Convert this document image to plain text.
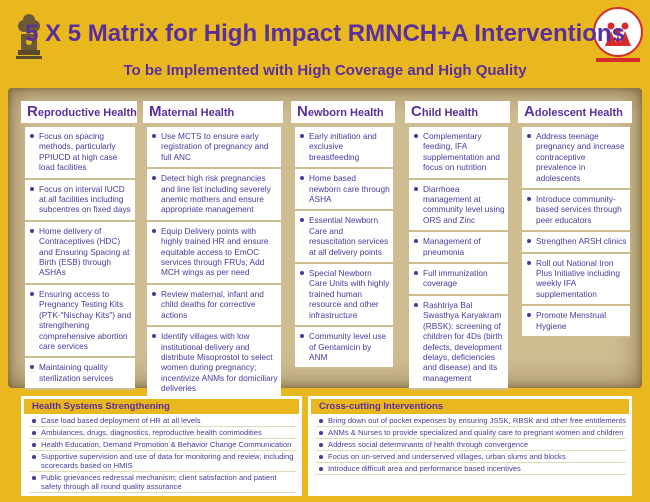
5 X 5 Matrix for High Impact RMNCH+A Interventions
To be Implemented with High Coverage and High Quality
Reproductive Health
Focus on spacing methods, particularly PPIUCD at high case load facilities
Focus on interval IUCD at all facilities including subcentres on fixed days
Home delivery of Contraceptives (HDC) and Ensuring Spacing at Birth (ESB) through ASHAs
Ensuring access to Pregnancy Testing Kits (PTK-"Nischay Kits") and strengthening comprehensive abortion care services
Maintaining quality sterilization services
Maternal Health
Use MCTS to ensure early registration of pregnancy and full ANC
Detect high risk pregnancies and line list including severely anemic mothers and ensure appropriate management
Equip Delivery points with highly trained HR and ensure equitable access to EmOC services through FRUs; Add MCH wings as per need
Review maternal, infant and child deaths for corrective actions
Identify villages with low institutional delivery and distribute Misoprostol to select women during pregnancy; incentivize ANMs for domiciliary deliveries
Newborn Health
Early initiation and exclusive breastfeeding
Home based newborn care through ASHA
Essential Newborn Care and resuscitation services at all delivery points
Special Newborn Care Units with highly trained human resource and other infrastructure
Community level use of Gentamicin by ANM
Child Health
Complementary feeding, IFA supplementation and focus on nutrition
Diarrhoea management at community level using ORS and Zinc
Management of pneumonia
Full immunization coverage
Rashtriya Bal Swasthya Karyakram (RBSK): screening of children for 4Ds (birth defects, development delays, deficiencies and disease) and its management
Adolescent Health
Address teenage pregnancy and increase contraceptive prevalence in adolescents
Introduce community-based services through peer educators
Strengthen ARSH clinics
Roll out National Iron Plus Initiative including weekly IFA supplementation
Promote Menstrual Hygiene
Health Systems Strengthening
Case load based deployment of HR at all levels
Ambulances, drugs, diagnostics, reproductive health commodities
Health Education, Demand Promotion & Behavior Change Communication
Supportive supervision and use of data for monitoring and review, including scorecards based on HMIS
Public grievances redressal mechanism; client satisfaction and patient safety through all round quality assurance
Cross-cutting Interventions
Bring down out of pocket expenses by ensuring JSSK, RBSK and other free entitlements
ANMs & Nurses to provide specialized and quality care to pregnant women and children
Address social determinants of health through convergence
Focus on un-served and underserved villages, urban slums and blocks
Introduce difficult area and performance based incentives
